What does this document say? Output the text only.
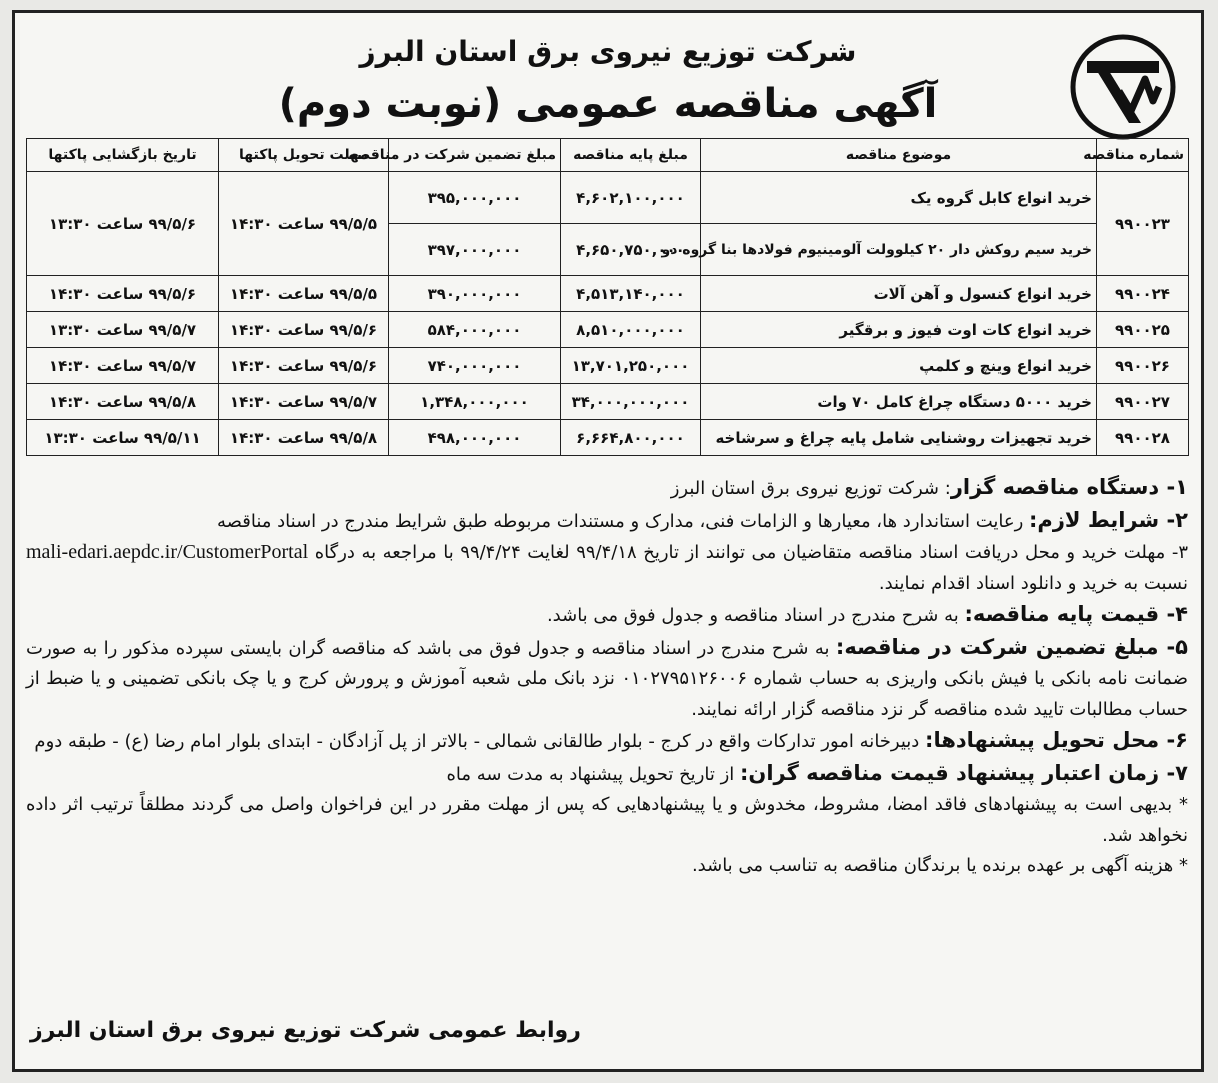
شرکت توزیع نیروی برق استان البرز
آگهی مناقصه عمومی (نوبت دوم)
شماره مناقصه	موضوع مناقصه	مبلغ پایه مناقصه	مبلغ تضمین شرکت در مناقصه	مهلت تحویل پاکتها	تاریخ بازگشایی پاکتها
۹۹۰۰۲۳	خرید انواع کابل گروه یک	۴,۶۰۲,۱۰۰,۰۰۰	۳۹۵,۰۰۰,۰۰۰	۹۹/۵/۵ ساعت ۱۴:۳۰	۹۹/۵/۶ ساعت ۱۳:۳۰
	خرید سیم روکش دار ۲۰ کیلوولت آلومینیوم فولادها بنا گروه دو	۴,۶۵۰,۷۵۰,۰۰۰	۳۹۷,۰۰۰,۰۰۰		
۹۹۰۰۲۴	خرید انواع کنسول و آهن آلات	۴,۵۱۳,۱۴۰,۰۰۰	۳۹۰,۰۰۰,۰۰۰	۹۹/۵/۵ ساعت ۱۴:۳۰	۹۹/۵/۶ ساعت ۱۴:۳۰
۹۹۰۰۲۵	خرید انواع کات اوت فیوز و برقگیر	۸,۵۱۰,۰۰۰,۰۰۰	۵۸۴,۰۰۰,۰۰۰	۹۹/۵/۶ ساعت ۱۴:۳۰	۹۹/۵/۷ ساعت ۱۳:۳۰
۹۹۰۰۲۶	خرید انواع وینچ و کلمپ	۱۳,۷۰۱,۲۵۰,۰۰۰	۷۴۰,۰۰۰,۰۰۰	۹۹/۵/۶ ساعت ۱۴:۳۰	۹۹/۵/۷ ساعت ۱۴:۳۰
۹۹۰۰۲۷	خرید ۵۰۰۰ دستگاه چراغ کامل ۷۰ وات	۳۴,۰۰۰,۰۰۰,۰۰۰	۱,۳۴۸,۰۰۰,۰۰۰	۹۹/۵/۷ ساعت ۱۴:۳۰	۹۹/۵/۸ ساعت ۱۴:۳۰
۹۹۰۰۲۸	خرید تجهیزات روشنایی شامل پایه چراغ و سرشاخه	۶,۶۶۴,۸۰۰,۰۰۰	۴۹۸,۰۰۰,۰۰۰	۹۹/۵/۸ ساعت ۱۴:۳۰	۹۹/۵/۱۱ ساعت ۱۳:۳۰

۱- دستگاه مناقصه گزار: شرکت توزیع نیروی برق استان البرز

۲- شرایط لازم: رعایت استاندارد ها، معیارها و الزامات فنی، مدارک و مستندات مربوطه طبق شرایط مندرج در اسناد مناقصه

۳- مهلت خرید و محل دریافت اسناد مناقصه متقاضیان می توانند از تاریخ ۹۹/۴/۱۸ لغایت ۹۹/۴/۲۴ با مراجعه به درگاه mali-edari.aepdc.ir/CustomerPortal نسبت به خرید و دانلود اسناد اقدام نمایند.

۴- قیمت پایه مناقصه: به شرح مندرج در اسناد مناقصه و جدول فوق می باشد.

۵- مبلغ تضمین شرکت در مناقصه: به شرح مندرج در اسناد مناقصه و جدول فوق می باشد که مناقصه گران بایستی سپرده مذکور را به صورت ضمانت نامه بانکی یا فیش بانکی واریزی به حساب شماره ۰۱۰۲۷۹۵۱۲۶۰۰۶ نزد بانک ملی شعبه آموزش و پرورش کرج و یا چک بانکی تضمینی و یا ضبط از حساب مطالبات تایید شده مناقصه گر نزد مناقصه گزار ارائه نمایند.

۶- محل تحویل پیشنهادها: دبیرخانه امور تدارکات واقع در کرج - بلوار طالقانی شمالی - بالاتر از پل آزادگان - ابتدای بلوار امام رضا (ع) - طبقه دوم

۷- زمان اعتبار پیشنهاد قیمت مناقصه گران: از تاریخ تحویل پیشنهاد به مدت سه ماه

* بدیهی است به پیشنهادهای فاقد امضا، مشروط، مخدوش و یا پیشنهادهایی که پس از مهلت مقرر در این فراخوان واصل می گردند مطلقاً ترتیب اثر داده نخواهد شد.

* هزینه آگهی بر عهده برنده یا برندگان مناقصه به تناسب می باشد.

روابط عمومی شرکت توزیع نیروی برق استان البرز
